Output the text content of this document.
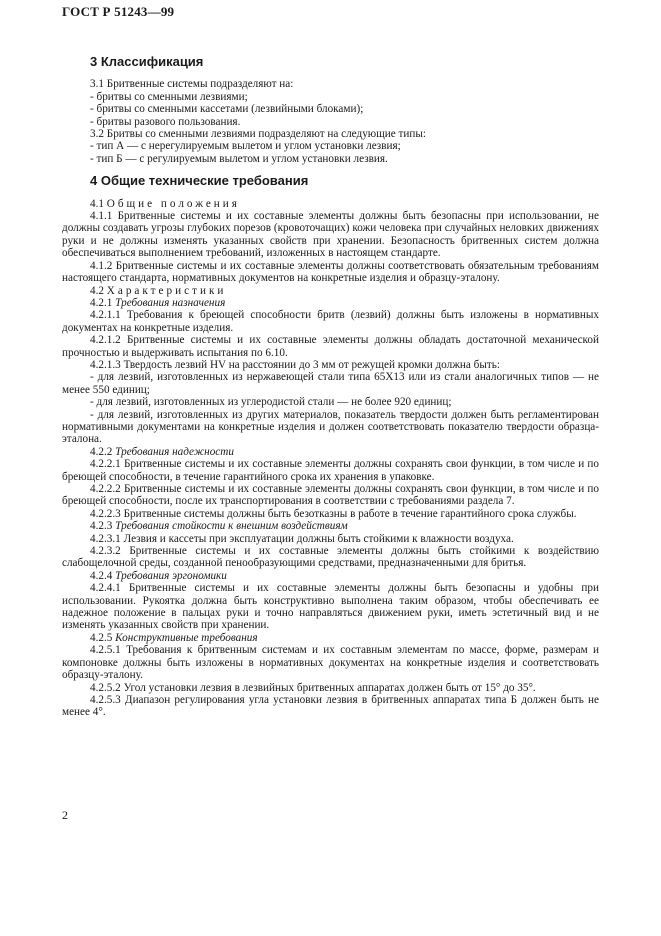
ГОСТ Р 51243—99
3 Классификация

3.1 Бритвенные системы подразделяют на:

- бритвы со сменными лезвиями;

- бритвы со сменными кассетами (лезвийными блоками);

- бритвы разового пользования.

3.2 Бритвы со сменными лезвиями подразделяют на следующие типы:

- тип А — с нерегулируемым вылетом и углом установки лезвия;

- тип Б — с регулируемым вылетом и углом установки лезвия.

4 Общие технические требования

4.1 Общие положения

4.1.1 Бритвенные системы и их составные элементы должны быть безопасны при использовании, не должны создавать угрозы глубоких порезов (кровоточащих) кожи человека при случайных неловких движениях руки и не должны изменять указанных свойств при хранении. Безопасность бритвенных систем должна обеспечиваться выполнением требований, изложенных в настоящем стандарте.

4.1.2 Бритвенные системы и их составные элементы должны соответствовать обязательным требованиям настоящего стандарта, нормативных документов на конкретные изделия и образцу-эталону.

4.2 Характеристики

4.2.1 Требования назначения

4.2.1.1 Требования к бреющей способности бритв (лезвий) должны быть изложены в нормативных документах на конкретные изделия.

4.2.1.2 Бритвенные системы и их составные элементы должны обладать достаточной механической прочностью и выдерживать испытания по 6.10.

4.2.1.3 Твердость лезвий HV на расстоянии до 3 мм от режущей кромки должна быть:

- для лезвий, изготовленных из нержавеющей стали типа 65Х13 или из стали аналогичных типов — не менее 550 единиц;

- для лезвий, изготовленных из углеродистой стали — не более 920 единиц;

- для лезвий, изготовленных из других материалов, показатель твердости должен быть регламентирован нормативными документами на конкретные изделия и должен соответствовать показателю твердости образца-эталона.

4.2.2 Требования надежности

4.2.2.1 Бритвенные системы и их составные элементы должны сохранять свои функции, в том числе и по бреющей способности, в течение гарантийного срока их хранения в упаковке.

4.2.2.2 Бритвенные системы и их составные элементы должны сохранять свои функции, в том числе и по бреющей способности, после их транспортирования в соответствии с требованиями раздела 7.

4.2.2.3 Бритвенные системы должны быть безотказны в работе в течение гарантийного срока службы.

4.2.3 Требования стойкости к внешним воздействиям

4.2.3.1 Лезвия и кассеты при эксплуатации должны быть стойкими к влажности воздуха.

4.2.3.2 Бритвенные системы и их составные элементы должны быть стойкими к воздействию слабощелочной среды, созданной пенообразующими средствами, предназначенными для бритья.

4.2.4 Требования эргономики

4.2.4.1 Бритвенные системы и их составные элементы должны быть безопасны и удобны при использовании. Рукоятка должна быть конструктивно выполнена таким образом, чтобы обеспечивать ее надежное положение в пальцах руки и точно направляться движением руки, иметь эстетичный вид и не изменять указанных свойств при хранении.

4.2.5 Конструктивные требования

4.2.5.1 Требования к бритвенным системам и их составным элементам по массе, форме, размерам и компоновке должны быть изложены в нормативных документах на конкретные изделия и соответствовать образцу-эталону.

4.2.5.2 Угол установки лезвия в лезвийных бритвенных аппаратах должен быть от 15° до 35°.

4.2.5.3 Диапазон регулирования угла установки лезвия в бритвенных аппаратах типа Б должен быть не менее 4°.

2
